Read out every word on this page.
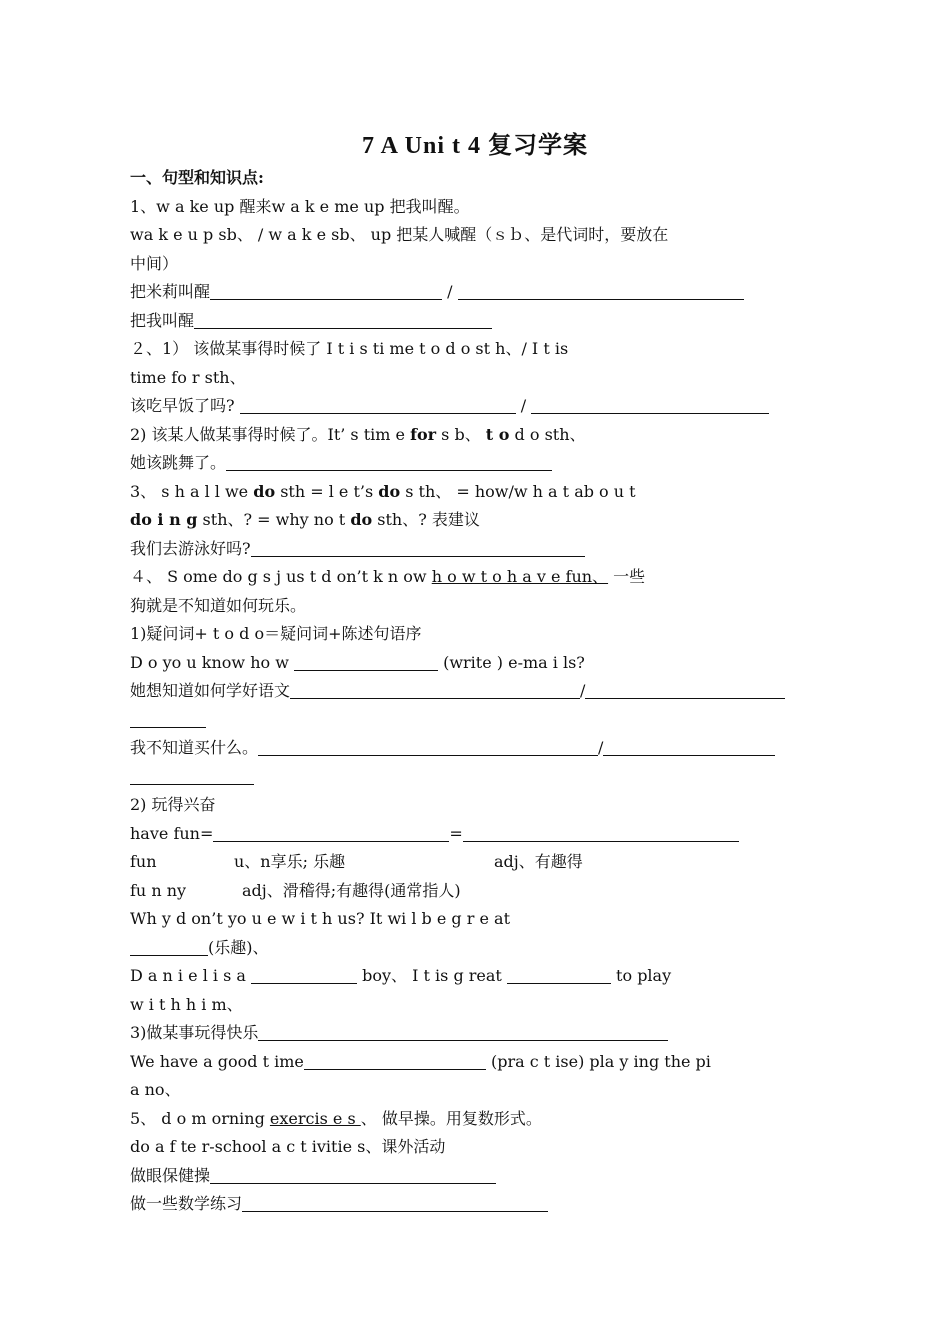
7 A Uni t 4 复习学案
一、句型和知识点:
1、w a ke up 醒来w a k e me up 把我叫醒。
wa k e u p sb、 / w a k e sb、 up 把某人喊醒（ｓｂ、是代词时，要放在
中间）
把米莉叫醒	/
把我叫醒
２、1） 该做某事得时候了 I t i s ti me t o d o st h、/ I t is
time fo r sth、
该吃早饭了吗?	/
2) 该某人做某事得时候了。It’ s tim e for s b、 t o d o sth、
她该跳舞了。
3、 s h a l l we do sth = l e t’s do s th、 = how/w h a t ab o u t
do i n g sth、? = why no t do sth、? 表建议
我们去游泳好吗?
４、 S ome do g s j us t d on’t k n ow h o w t o h a v e fun、 一些
狗就是不知道如何玩乐。
1)疑问词+ t o d o＝疑问词+陈述句语序
D o yo u know ho w	(write ) e-ma i ls?
她想知道如何学好语文	/
我不知道买什么。	/
2) 玩得兴奋
have fun=	=
fun	u、n享乐; 乐趣	adj、有趣得
fu n ny	adj、滑稽得;有趣得(通常指人)
Wh y d on’t yo u e w i t h us? It wi l b e g r e at
(乐趣)、
D a n i e l i s a	boy、 I t is g reat	to play
w i t h h i m、
3)做某事玩得快乐
We have a good t ime	(pra c t ise) pla y ing the pi
a no、
5、 d o m orning exercis e s 、 做早操。用复数形式。
do a f te r-school a c t ivitie s、课外活动
做眼保健操
做一些数学练习
